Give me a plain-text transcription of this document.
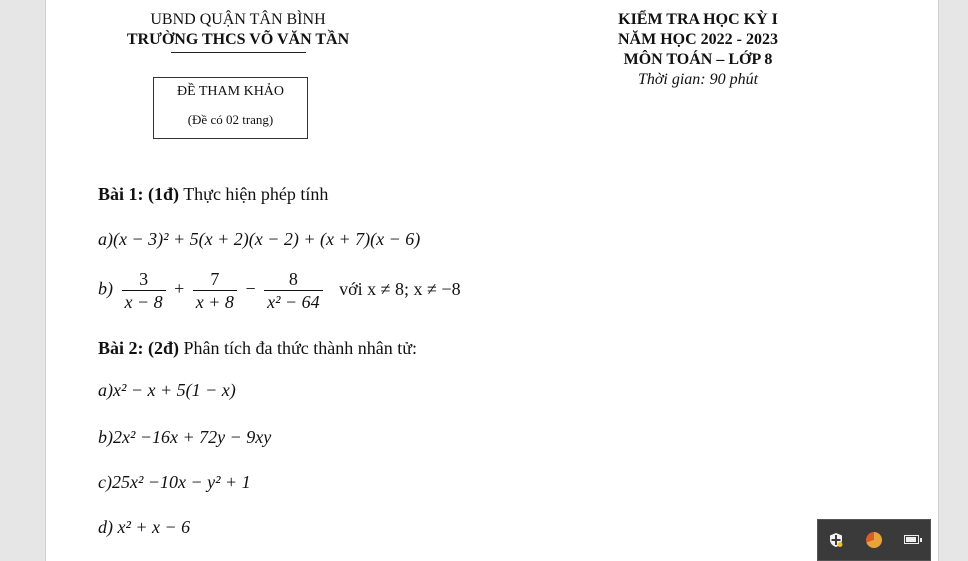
UBND QUẬN TÂN BÌNH
TRƯỜNG THCS VÕ VĂN TẦN
KIỂM TRA HỌC KỲ I
NĂM HỌC 2022 - 2023
MÔN TOÁN – LỚP 8
Thời gian: 90 phút
ĐỀ THAM KHẢO
(Đề có 02 trang)
Bài 1: (1đ) Thực hiện phép tính
a)(x − 3)² + 5(x + 2)(x − 2) + (x + 7)(x − 6)
$b) \frac{3}{x - 8} + \frac{7}{x + 8} - \frac{8}{\text{x² − 64}}$ với x ≠ 8; x ≠ −8
Bài 2: (2đ) Phân tích đa thức thành nhân tử:
a)x² − x + 5(1 − x)
b)2x² −16x + 72y − 9xy
c)25x² −10x − y² + 1
d) x² + x − 6
